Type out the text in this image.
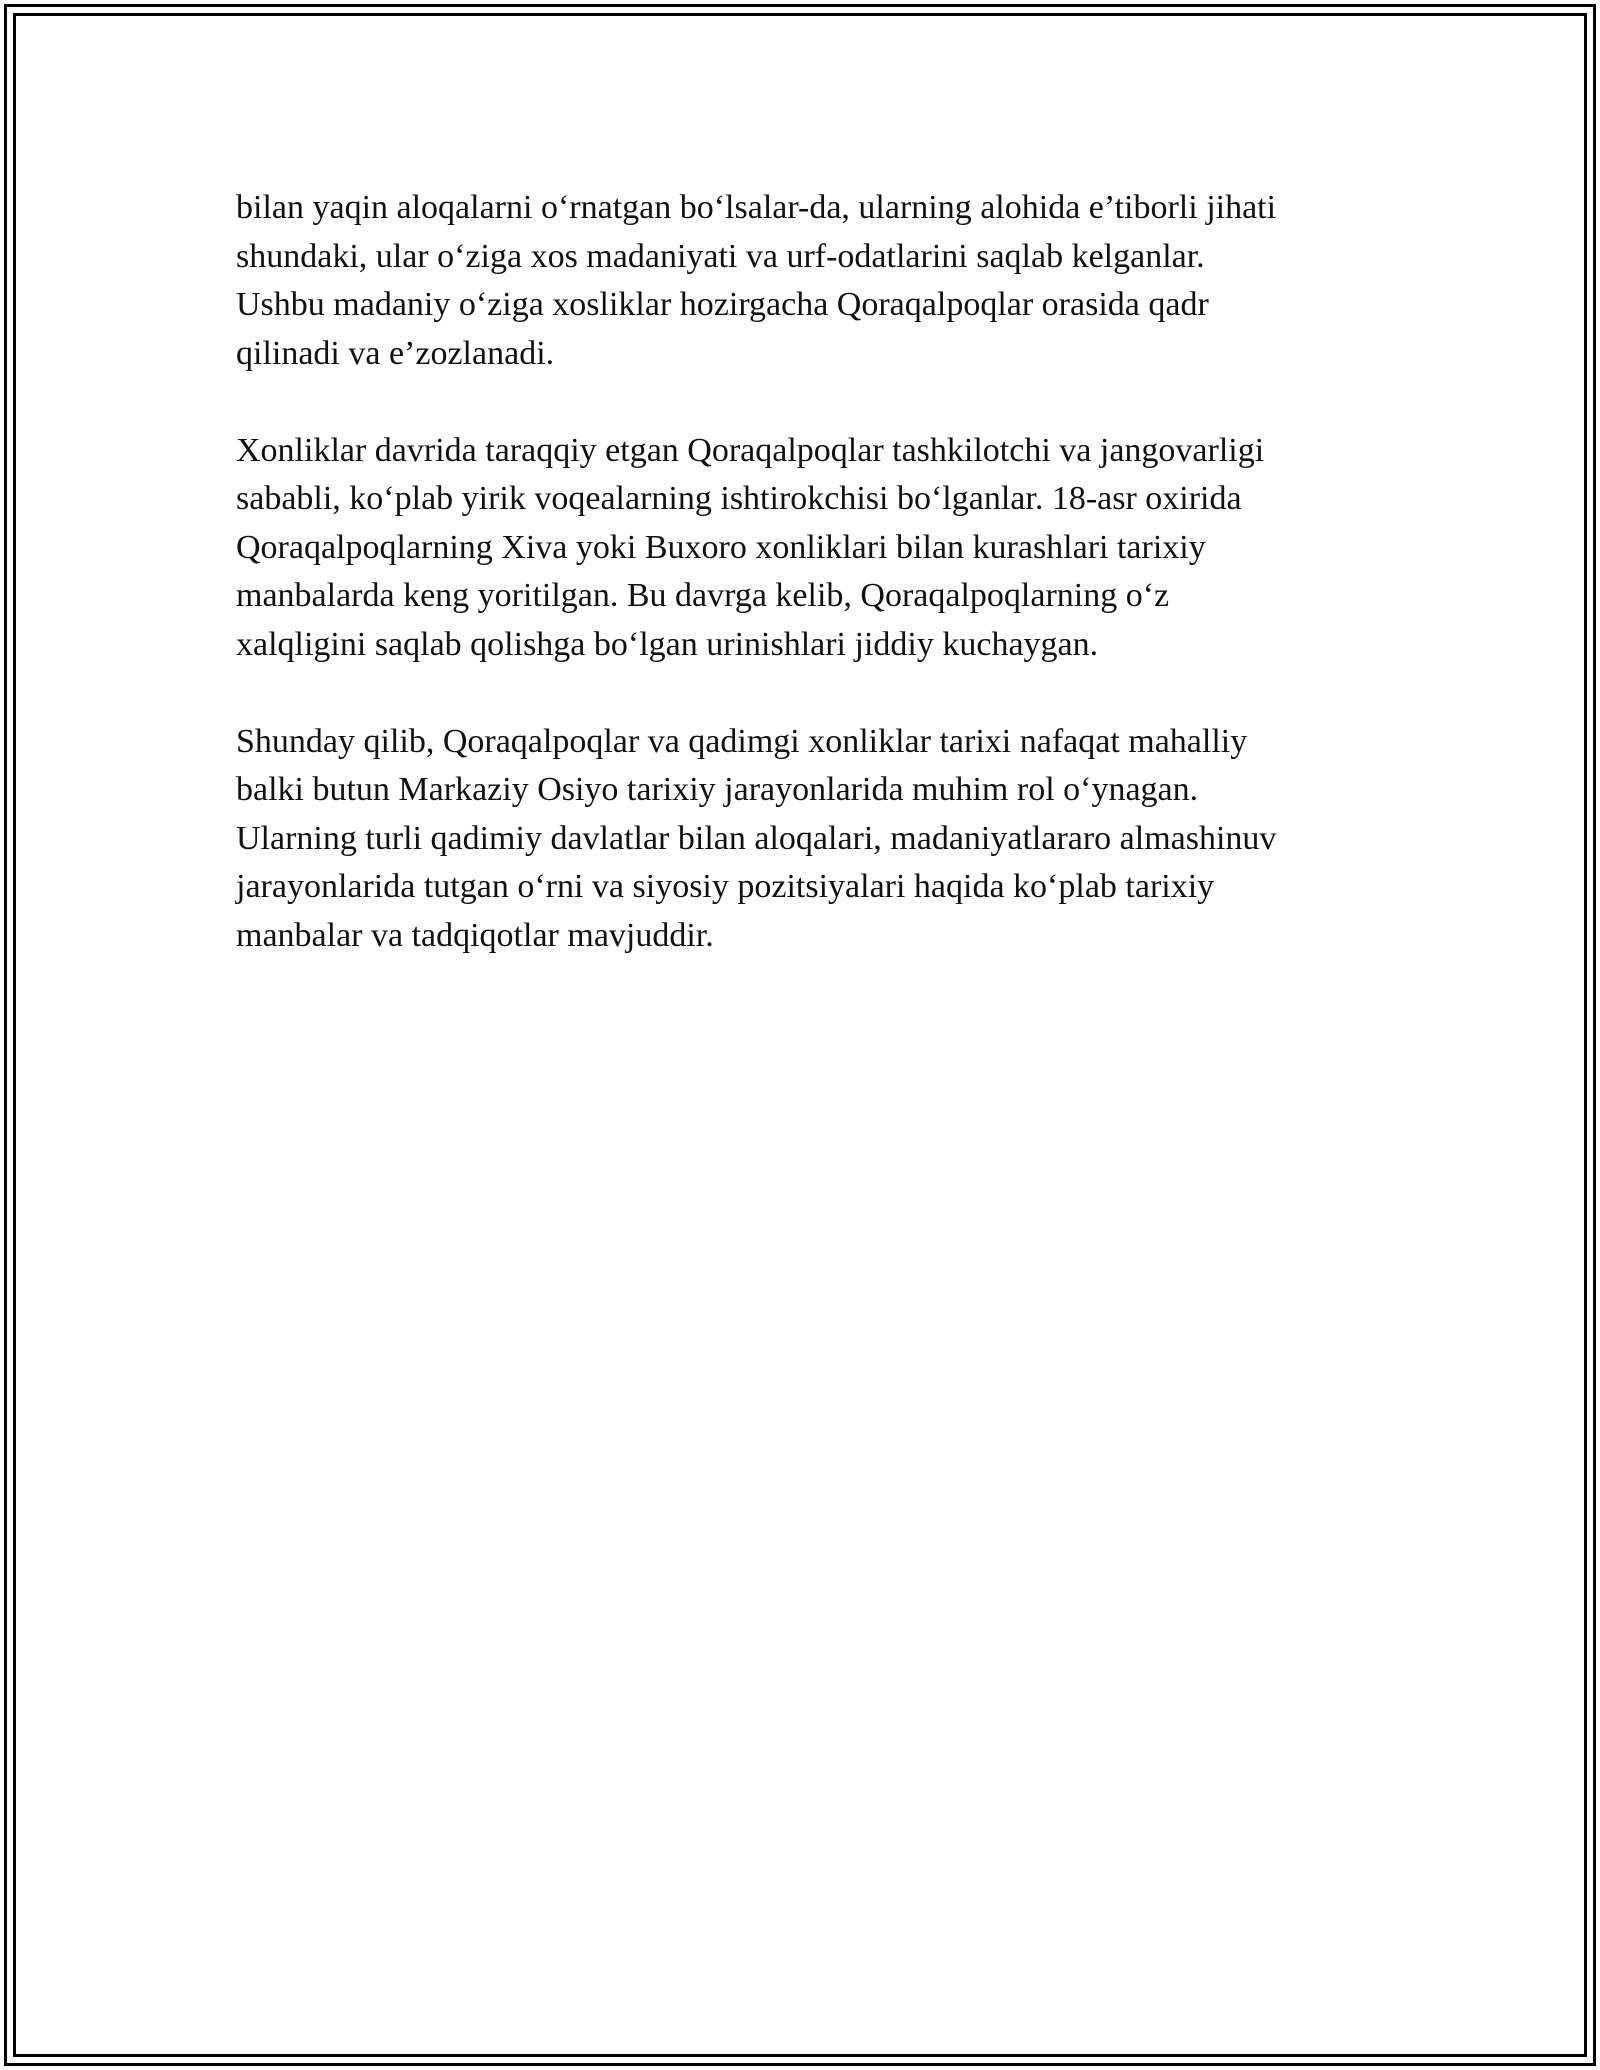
bilan yaqin aloqalarni o‘rnatgan bo‘lsalar-da, ularning alohida e’tiborli jihati
shundaki, ular o‘ziga xos madaniyati va urf-odatlarini saqlab kelganlar.
Ushbu madaniy o‘ziga xosliklar hozirgacha Qoraqalpoqlar orasida qadr
qilinadi va e’zozlanadi.

Xonliklar davrida taraqqiy etgan Qoraqalpoqlar tashkilotchi va jangovarligi
sababli, ko‘plab yirik voqealarning ishtirokchisi bo‘lganlar. 18-asr oxirida
Qoraqalpoqlarning Xiva yoki Buxoro xonliklari bilan kurashlari tarixiy
manbalarda keng yoritilgan. Bu davrga kelib, Qoraqalpoqlarning o‘z
xalqligini saqlab qolishga bo‘lgan urinishlari jiddiy kuchaygan.

Shunday qilib, Qoraqalpoqlar va qadimgi xonliklar tarixi nafaqat mahalliy
balki butun Markaziy Osiyo tarixiy jarayonlarida muhim rol o‘ynagan.
Ularning turli qadimiy davlatlar bilan aloqalari, madaniyatlararo almashinuv
jarayonlarida tutgan o‘rni va siyosiy pozitsiyalari haqida ko‘plab tarixiy
manbalar va tadqiqotlar mavjuddir.
